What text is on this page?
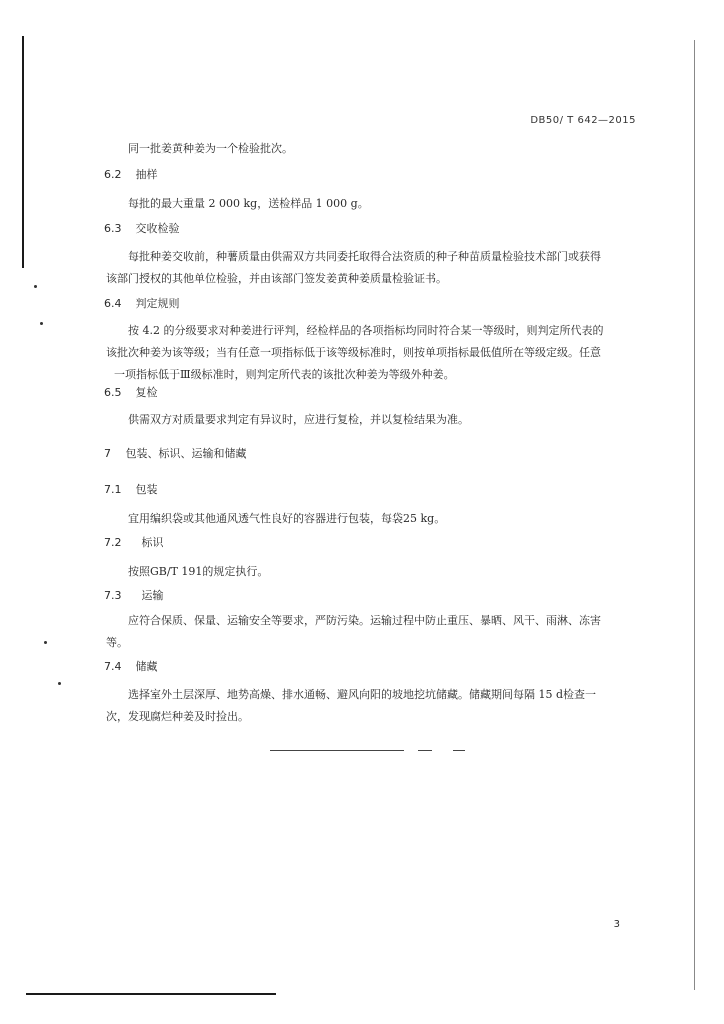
DB50/ T 642—2015
同一批姜黄种姜为一个检验批次。
6.2 抽样
每批的最大重量 2 000 kg，送检样品 1 000 g。
6.3 交收检验
每批种姜交收前，种薯质量由供需双方共同委托取得合法资质的种子种苗质量检验技术部门或获得
该部门授权的其他单位检验，并由该部门签发姜黄种姜质量检验证书。
6.4 判定规则
按 4.2 的分级要求对种姜进行评判，经检样品的各项指标均同时符合某一等级时，则判定所代表的
该批次种姜为该等级；当有任意一项指标低于该等级标准时，则按单项指标最低值所在等级定级。任意
一项指标低于Ⅲ级标准时，则判定所代表的该批次种姜为等级外种姜。
6.5 复检
供需双方对质量要求判定有异议时，应进行复检，并以复检结果为准。
7 包装、标识、运输和储藏
7.1 包装
宜用编织袋或其他通风透气性良好的容器进行包装，每袋25 kg。
7.2 标识
按照GB/T 191的规定执行。
7.3 运输
应符合保质、保量、运输安全等要求，严防污染。运输过程中防止重压、暴晒、风干、雨淋、冻害
等。
7.4 储藏
选择室外土层深厚、地势高燥、排水通畅、避风向阳的坡地挖坑储藏。储藏期间每隔 15 d检查一
次，发现腐烂种姜及时捡出。
3
